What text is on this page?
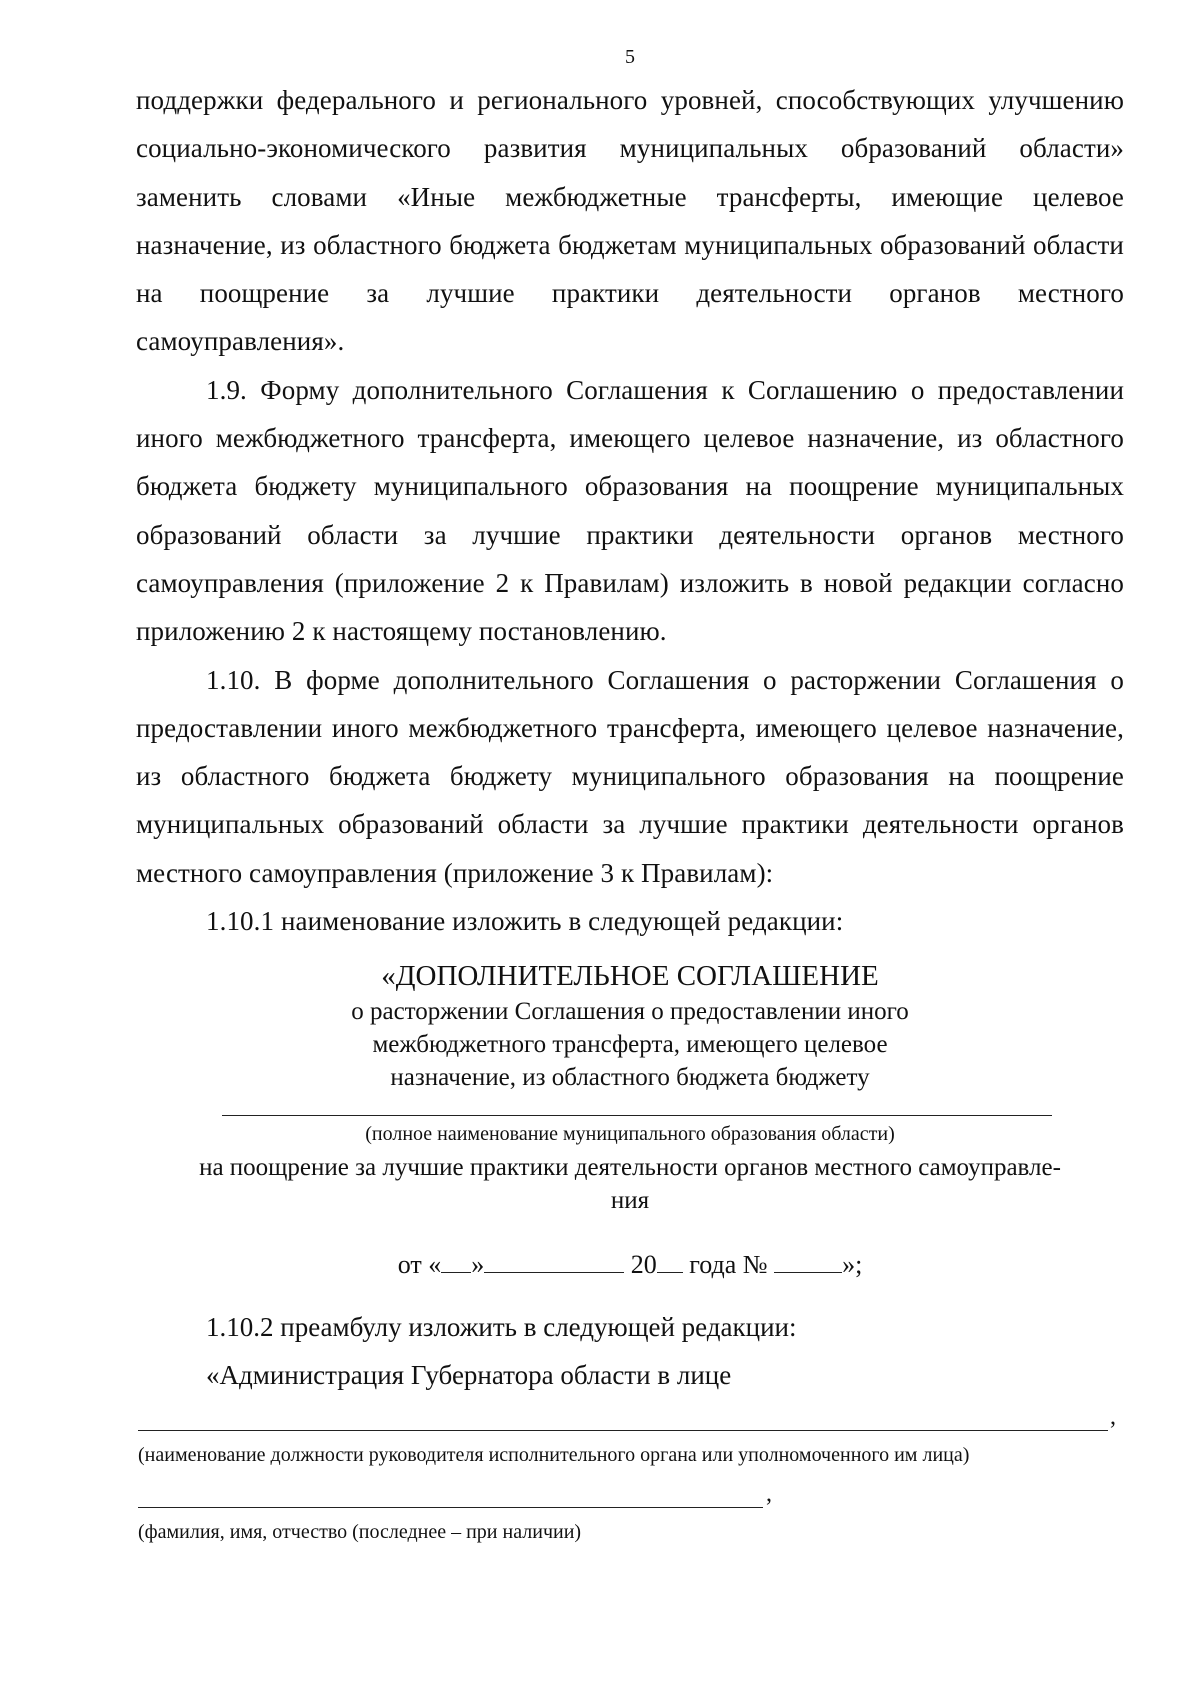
5

поддержки федерального и регионального уровней, способствующих улучшению социально-экономического развития муниципальных образований области» заменить словами «Иные межбюджетные трансферты, имеющие целевое назначение, из областного бюджета бюджетам муниципальных образований области на поощрение за лучшие практики деятельности органов местного самоуправления».

1.9. Форму дополнительного Соглашения к Соглашению о предоставлении иного межбюджетного трансферта, имеющего целевое назначение, из областного бюджета бюджету муниципального образования на поощрение муниципальных образований области за лучшие практики деятельности органов местного самоуправления (приложение 2 к Правилам) изложить в новой редакции согласно приложению 2 к настоящему постановлению.

1.10. В форме дополнительного Соглашения о расторжении Соглашения о предоставлении иного межбюджетного трансферта, имеющего целевое назначение, из областного бюджета бюджету муниципального образования на поощрение муниципальных образований области за лучшие практики деятельности органов местного самоуправления (приложение 3 к Правилам):

1.10.1 наименование изложить в следующей редакции:

«ДОПОЛНИТЕЛЬНОЕ СОГЛАШЕНИЕ
о расторжении Соглашения о предоставлении иного
межбюджетного трансферта, имеющего целевое
назначение, из областного бюджета бюджету
(полное наименование муниципального образования области)
на поощрение за лучшие практики деятельности органов местного самоуправле-
ния
от « »	20 года №	»;
1.10.2 преамбулу изложить в следующей редакции:
«Администрация Губернатора области в лице
,
(наименование должности руководителя исполнительного органа или уполномоченного им лица)
,
(фамилия, имя, отчество (последнее – при наличии)
